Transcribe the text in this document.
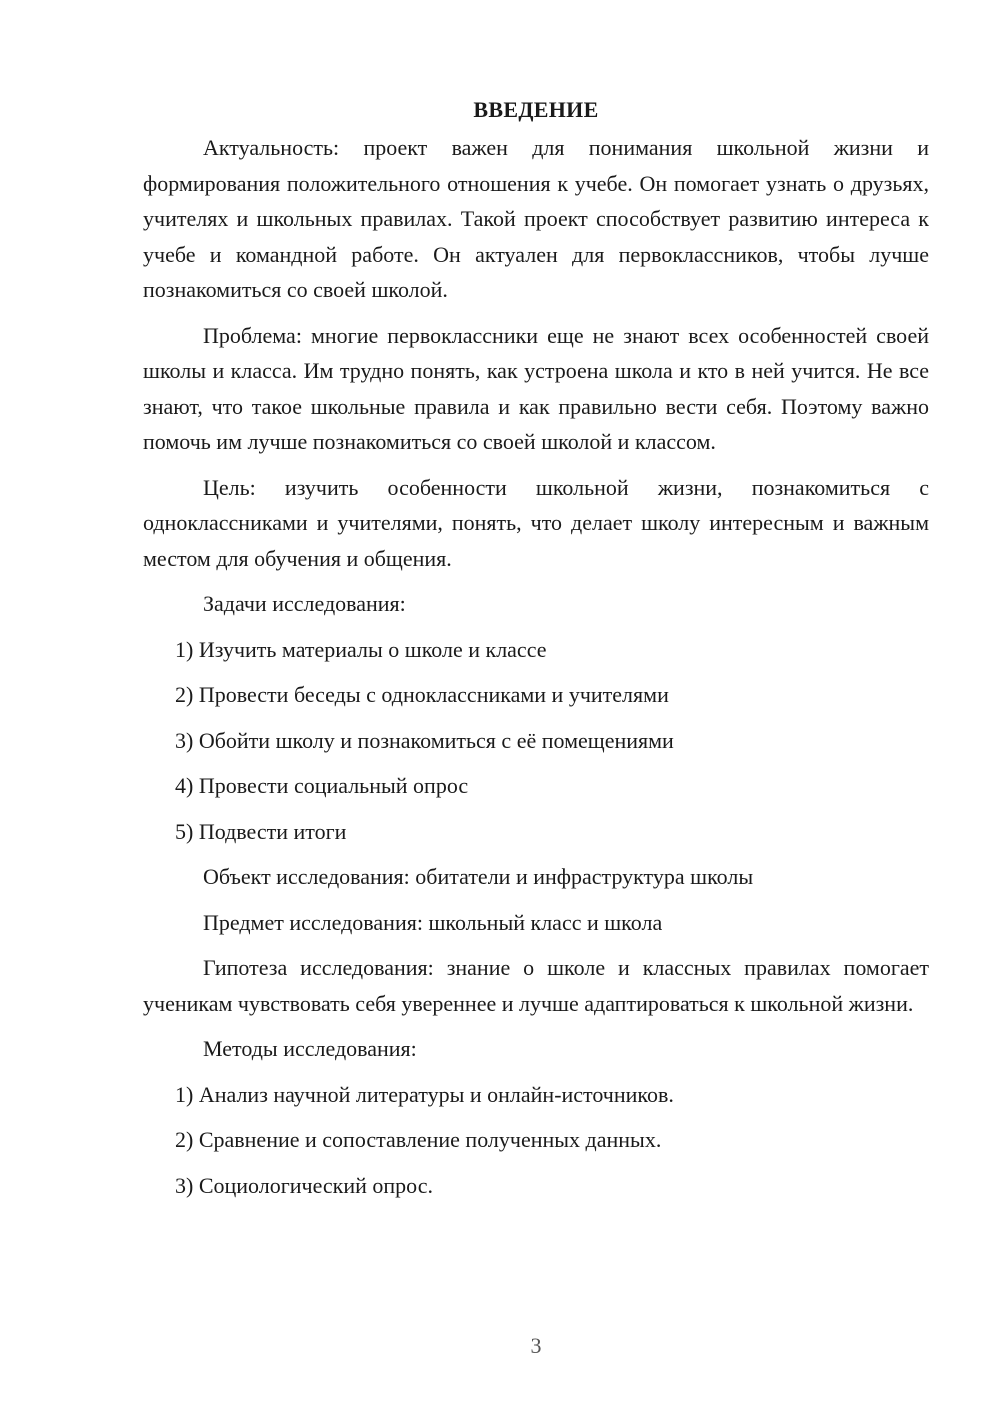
ВВЕДЕНИЕ

Актуальность: проект важен для понимания школьной жизни и формирования положительного отношения к учебе. Он помогает узнать о друзьях, учителях и школьных правилах. Такой проект способствует развитию интереса к учебе и командной работе. Он актуален для первоклассников, чтобы лучше познакомиться со своей школой.

Проблема: многие первоклассники еще не знают всех особенностей своей школы и класса. Им трудно понять, как устроена школа и кто в ней учится. Не все знают, что такое школьные правила и как правильно вести себя. Поэтому важно помочь им лучше познакомиться со своей школой и классом.

Цель: изучить особенности школьной жизни, познакомиться с одноклассниками и учителями, понять, что делает школу интересным и важным местом для обучения и общения.

Задачи исследования:
1) Изучить материалы о школе и классе
2) Провести беседы с одноклассниками и учителями
3) Обойти школу и познакомиться с её помещениями
4) Провести социальный опрос
5) Подвести итоги
Объект исследования: обитатели и инфраструктура школы
Предмет исследования: школьный класс и школа

Гипотеза исследования: знание о школе и классных правилах помогает ученикам чувствовать себя увереннее и лучше адаптироваться к школьной жизни.

Методы исследования:
1) Анализ научной литературы и онлайн-источников.
2) Сравнение и сопоставление полученных данных.
3) Социологический опрос.
3
